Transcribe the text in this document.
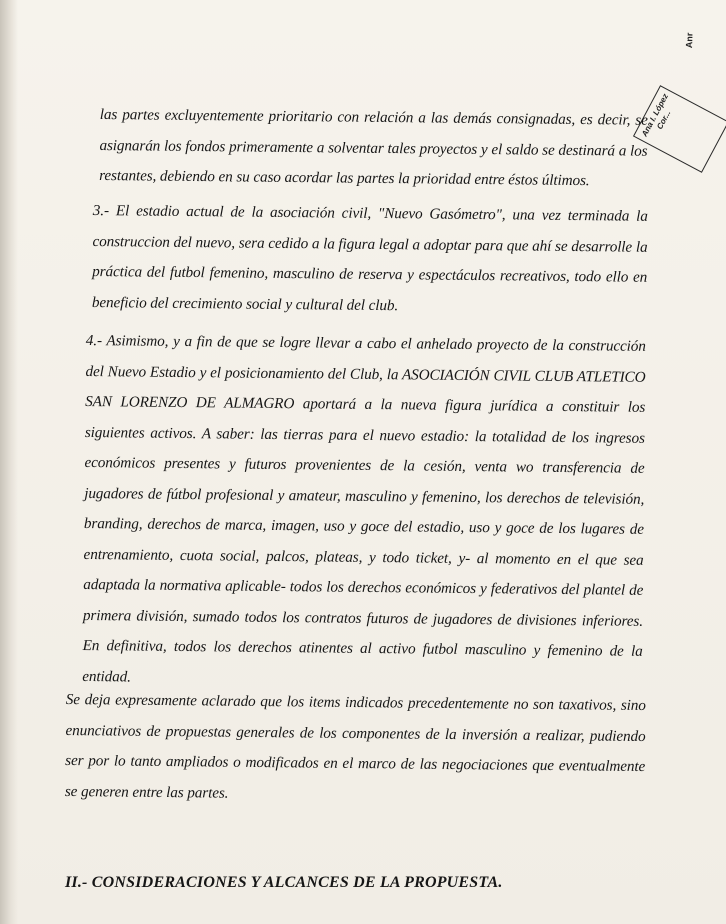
Anr
Ana I. López Cor...

las partes excluyentemente prioritario con relación a las demás consignadas, es decir, se asignarán los fondos primeramente a solventar tales proyectos y el saldo se destinará a los restantes, debiendo en su caso acordar las partes la prioridad entre éstos últimos.

3.- El estadio actual de la asociación civil, "Nuevo Gasómetro", una vez terminada la construccion del nuevo, sera cedido a la figura legal a adoptar para que ahí se desarrolle la práctica del futbol femenino, masculino de reserva y espectáculos recreativos, todo ello en beneficio del crecimiento social y cultural del club.

4.- Asimismo, y a fin de que se logre llevar a cabo el anhelado proyecto de la construcción del Nuevo Estadio y el posicionamiento del Club, la ASOCIACIÓN CIVIL CLUB ATLETICO SAN LORENZO DE ALMAGRO aportará a la nueva figura jurídica a constituir los siguientes activos. A saber: las tierras para el nuevo estadio: la totalidad de los ingresos económicos presentes y futuros provenientes de la cesión, venta wo transferencia de jugadores de fútbol profesional y amateur, masculino y femenino, los derechos de televisión, branding, derechos de marca, imagen, uso y goce del estadio, uso y goce de los lugares de entrenamiento, cuota social, palcos, plateas, y todo ticket, y- al momento en el que sea adaptada la normativa aplicable- todos los derechos económicos y federativos del plantel de primera división, sumado todos los contratos futuros de jugadores de divisiones inferiores. En definitiva, todos los derechos atinentes al activo futbol masculino y femenino de la entidad.

Se deja expresamente aclarado que los items indicados precedentemente no son taxativos, sino enunciativos de propuestas generales de los componentes de la inversión a realizar, pudiendo ser por lo tanto ampliados o modificados en el marco de las negociaciones que eventualmente se generen entre las partes.

II.- CONSIDERACIONES Y ALCANCES DE LA PROPUESTA.
